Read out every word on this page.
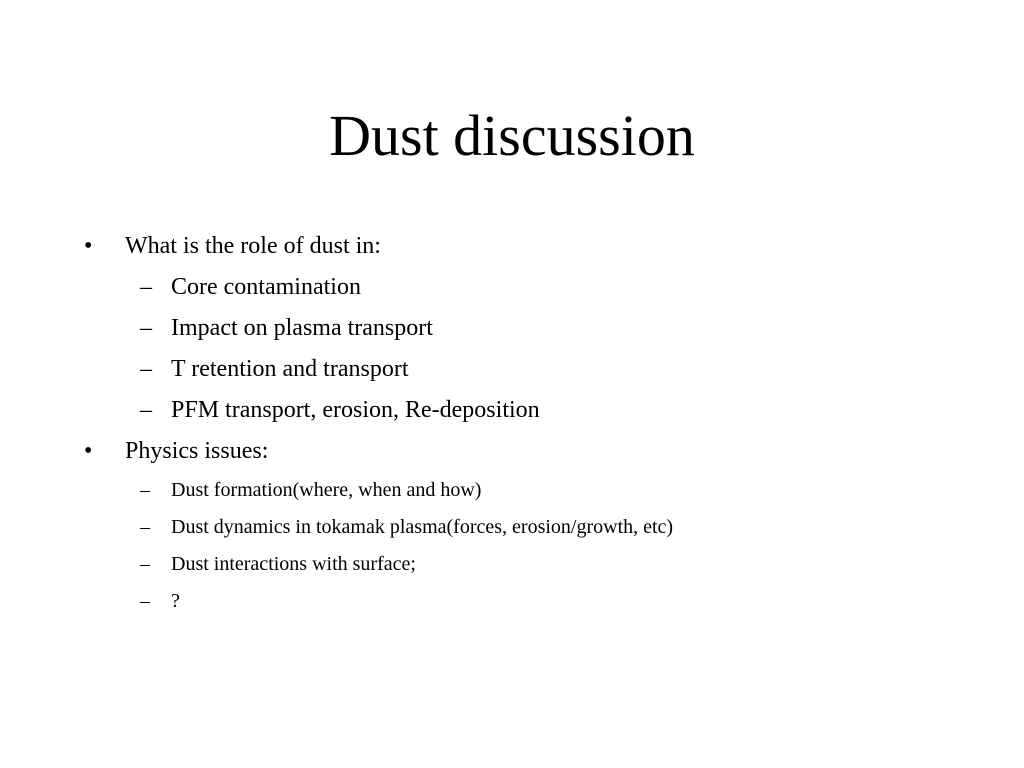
Dust discussion
•	What is the role of dust in:
– Core contamination
– Impact on plasma transport
– T retention and transport
– PFM transport, erosion, Re-deposition
•	Physics issues:
– Dust formation(where, when and how)
– Dust dynamics in tokamak plasma(forces, erosion/growth, etc)
– Dust interactions with surface;
– ?
